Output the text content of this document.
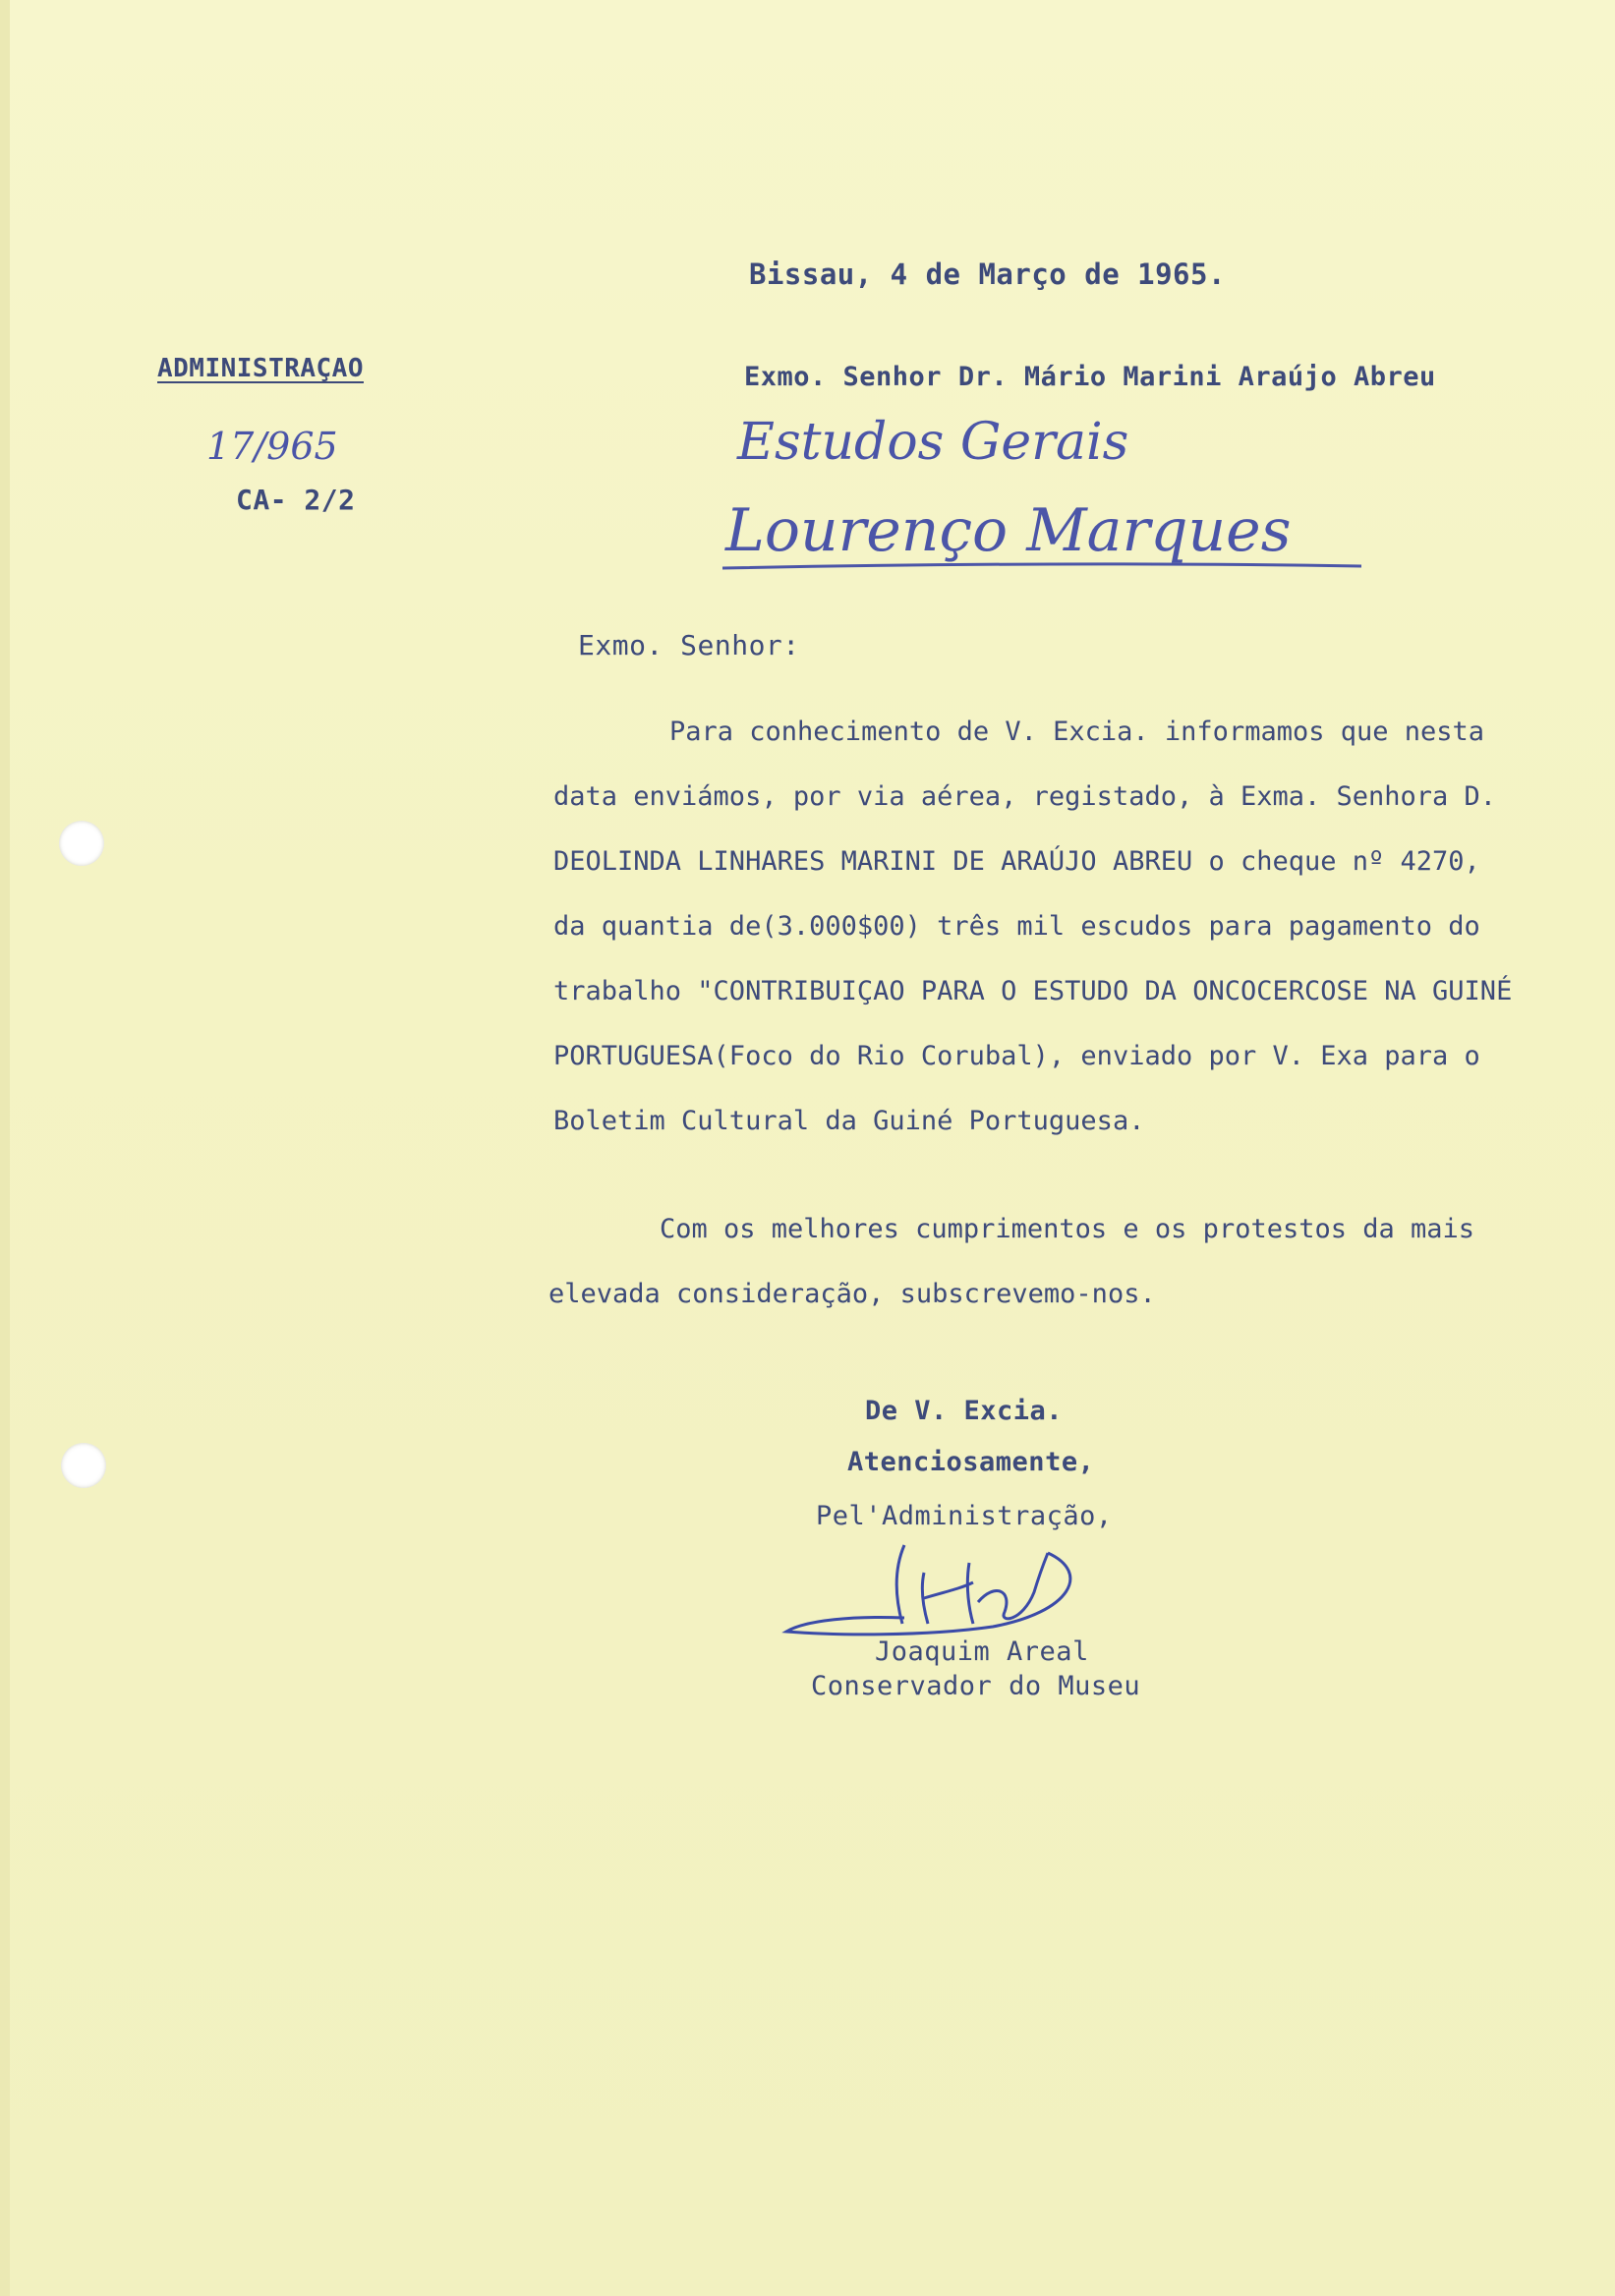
Bissau, 4 de Março de 1965.

ADMINISTRAÇAO

17/965

CA- 2/2

Exmo. Senhor Dr. Mário Marini Araújo Abreu

Estudos Gerais

Lourenço Marques

Exmo. Senhor:

Para conhecimento de V. Excia. informamos que nesta
data enviámos, por via aérea, registado, à Exma. Senhora D.
DEOLINDA LINHARES MARINI DE ARAÚJO ABREU o cheque nº 4270,
da quantia de(3.000$00) três mil escudos para pagamento do
trabalho "CONTRIBUIÇAO PARA O ESTUDO DA ONCOCERCOSE NA GUINÉ
PORTUGUESA(Foco do Rio Corubal), enviado por V. Exa para o
Boletim Cultural da Guiné Portuguesa.
Com os melhores cumprimentos e os protestos da mais
elevada consideração, subscrevemo-nos.

De V. Excia.

Atenciosamente,

Pel'Administração,

Joaquim Areal

Conservador do Museu
